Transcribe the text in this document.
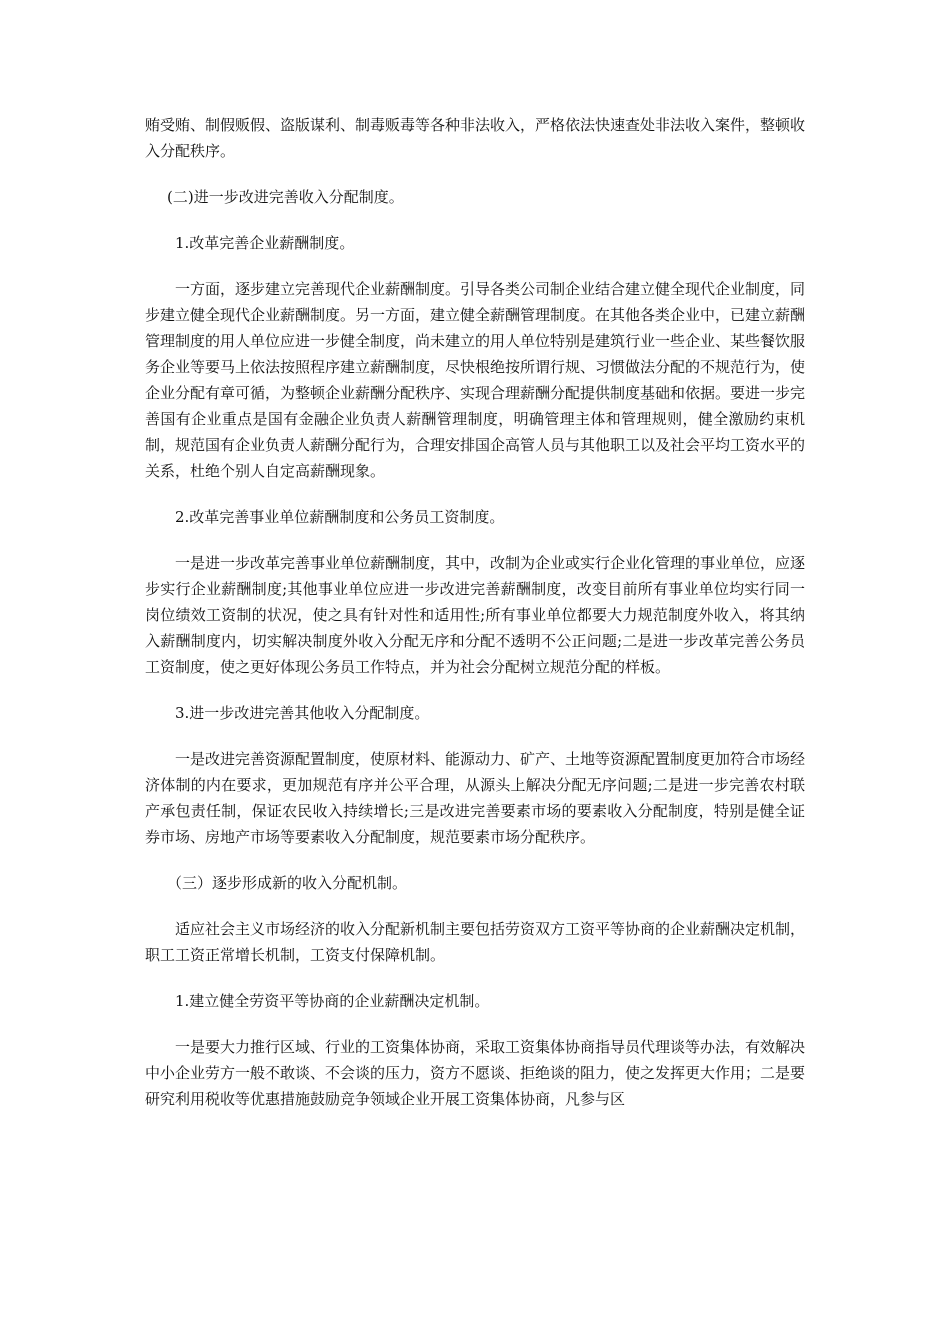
贿受贿、制假贩假、盗版谋利、制毒贩毒等各种非法收入，严格依法快速查处非法收入案件，整顿收入分配秩序。

(二)进一步改进完善收入分配制度。

1.改革完善企业薪酬制度。

一方面，逐步建立完善现代企业薪酬制度。引导各类公司制企业结合建立健全现代企业制度，同步建立健全现代企业薪酬制度。另一方面，建立健全薪酬管理制度。在其他各类企业中，已建立薪酬管理制度的用人单位应进一步健全制度，尚未建立的用人单位特别是建筑行业一些企业、某些餐饮服务企业等要马上依法按照程序建立薪酬制度，尽快根绝按所谓行规、习惯做法分配的不规范行为，使企业分配有章可循，为整顿企业薪酬分配秩序、实现合理薪酬分配提供制度基础和依据。要进一步完善国有企业重点是国有金融企业负责人薪酬管理制度，明确管理主体和管理规则，健全激励约束机制，规范国有企业负责人薪酬分配行为，合理安排国企高管人员与其他职工以及社会平均工资水平的关系，杜绝个别人自定高薪酬现象。

2.改革完善事业单位薪酬制度和公务员工资制度。

一是进一步改革完善事业单位薪酬制度，其中，改制为企业或实行企业化管理的事业单位，应逐步实行企业薪酬制度;其他事业单位应进一步改进完善薪酬制度，改变目前所有事业单位均实行同一岗位绩效工资制的状况，使之具有针对性和适用性;所有事业单位都要大力规范制度外收入，将其纳入薪酬制度内，切实解决制度外收入分配无序和分配不透明不公正问题;二是进一步改革完善公务员工资制度，使之更好体现公务员工作特点，并为社会分配树立规范分配的样板。

3.进一步改进完善其他收入分配制度。

一是改进完善资源配置制度，使原材料、能源动力、矿产、土地等资源配置制度更加符合市场经济体制的内在要求，更加规范有序并公平合理，从源头上解决分配无序问题;二是进一步完善农村联产承包责任制，保证农民收入持续增长;三是改进完善要素市场的要素收入分配制度，特别是健全证券市场、房地产市场等要素收入分配制度，规范要素市场分配秩序。

（三）逐步形成新的收入分配机制。

适应社会主义市场经济的收入分配新机制主要包括劳资双方工资平等协商的企业薪酬决定机制，职工工资正常增长机制，工资支付保障机制。

1.建立健全劳资平等协商的企业薪酬决定机制。

一是要大力推行区域、行业的工资集体协商，采取工资集体协商指导员代理谈等办法，有效解决中小企业劳方一般不敢谈、不会谈的压力，资方不愿谈、拒绝谈的阻力，使之发挥更大作用；二是要研究利用税收等优惠措施鼓励竞争领域企业开展工资集体协商，凡参与区
